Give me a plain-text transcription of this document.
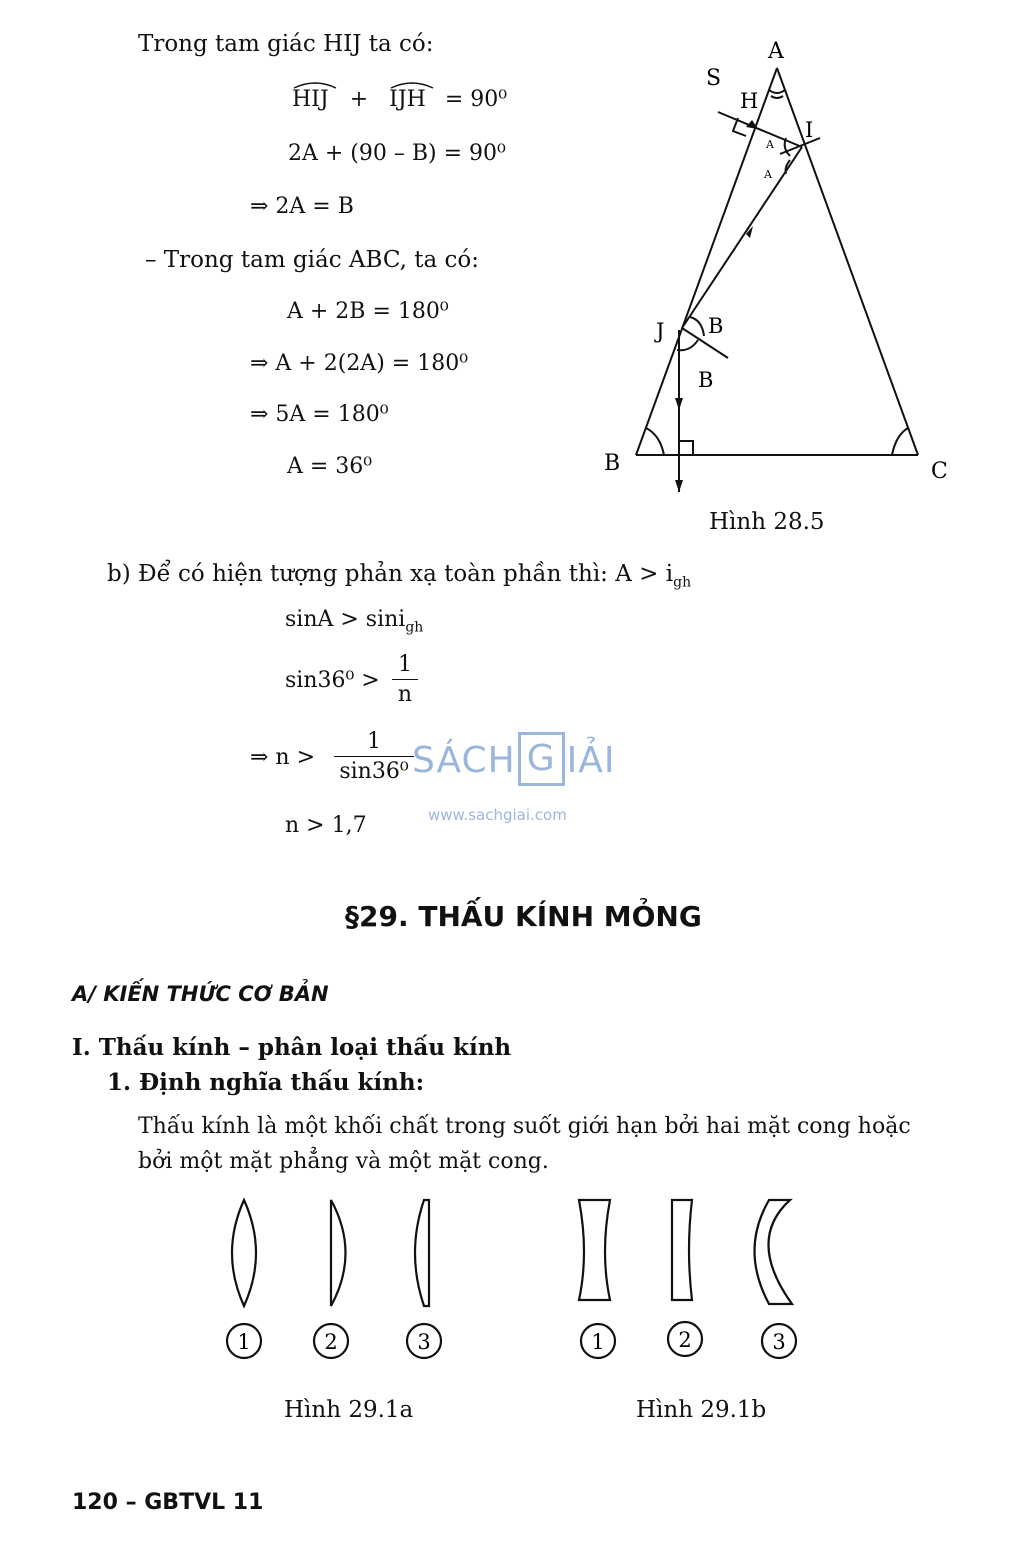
Trong tam giác HIJ ta có:
HIJ + IJH = 90⁰
2A + (90 – B) = 90⁰
⇒ 2A = B
– Trong tam giác ABC, ta có:
A + 2B = 180⁰
⇒ A + 2(2A) = 180⁰
⇒ 5A = 180⁰
A = 36⁰
A
S
H
I
A
A
J B
B
B	C
Hình 28.5
b) Để có hiện tượng phản xạ toàn phần thì: $A > i_{gh}$
sinA > sini$_{gh}$
sin36⁰ >
1
n
⇒ n >
1
sin36⁰
n > 1,7
SÁCH G IẢI
www.sachgiai.com
§29. THẤU KÍNH MỎNG
A/ KIẾN THỨC CƠ BẢN
I. Thấu kính – phân loại thấu kính
1. Định nghĩa thấu kính:
Thấu kính là một khối chất trong suốt giới hạn bởi hai mặt cong hoặc
bởi một mặt phẳng và một mặt cong.
1	2	3
Hình 29.1a
1	2	3
Hình 29.1b
120 – GBTVL 11
